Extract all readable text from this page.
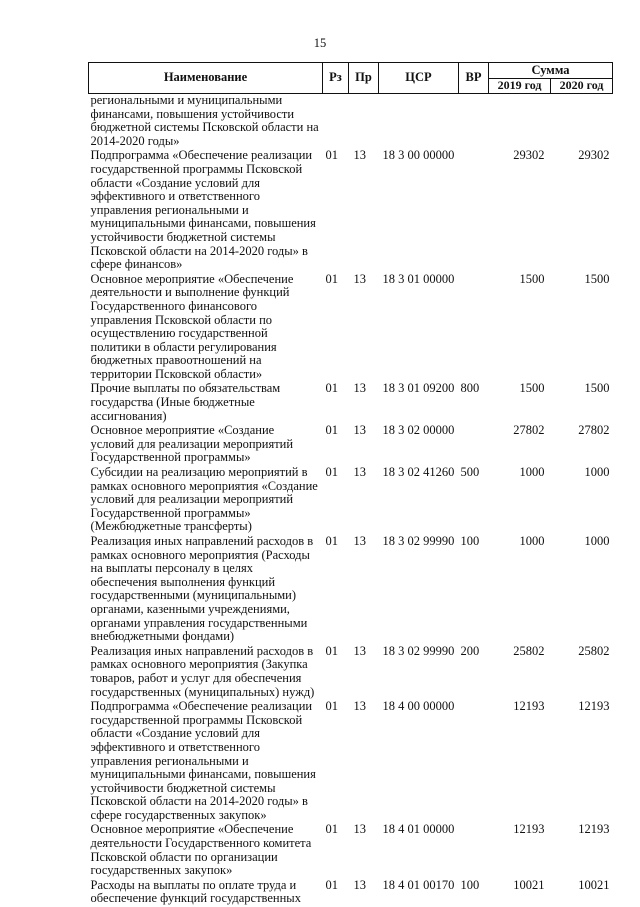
15
Наименование	Рз	Пр	ЦСР	ВР	Сумма	
					2019 год	2020 год
региональными и муниципальными финансами, повышения устойчивости бюджетной системы Псковской области на 2014-2020 годы»						
Подпрограмма «Обеспечение реализации государственной программы Псковской области «Создание условий для эффективного и ответственного управления региональными и муниципальными финансами, повышения устойчивости бюджетной системы Псковской области на 2014-2020 годы» в сфере финансов»	01	13	18 3 00 00000		29302	29302
Основное мероприятие «Обеспечение деятельности и выполнение функций Государственного финансового управления Псковской области по осуществлению государственной политики в области регулирования бюджетных правоотношений на территории Псковской области»	01	13	18 3 01 00000		1500	1500
Прочие выплаты по обязательствам государства (Иные бюджетные ассигнования)	01	13	18 3 01 09200	800	1500	1500
Основное мероприятие «Создание условий для реализации мероприятий Государственной программы»	01	13	18 3 02 00000		27802	27802
Субсидии на реализацию мероприятий в рамках основного мероприятия «Создание условий для реализации мероприятий Государственной программы» (Межбюджетные трансферты)	01	13	18 3 02 41260	500	1000	1000
Реализация иных направлений расходов в рамках основного мероприятия (Расходы на выплаты персоналу в целях обеспечения выполнения функций государственными (муниципальными) органами, казенными учреждениями, органами управления государственными внебюджетными фондами)	01	13	18 3 02 99990	100	1000	1000
Реализация иных направлений расходов в рамках основного мероприятия (Закупка товаров, работ и услуг для обеспечения государственных (муниципальных) нужд)	01	13	18 3 02 99990	200	25802	25802
Подпрограмма «Обеспечение реализации государственной программы Псковской области «Создание условий для эффективного и ответственного управления региональными и муниципальными финансами, повышения устойчивости бюджетной системы Псковской области на 2014-2020 годы» в сфере государственных закупок»	01	13	18 4 00 00000		12193	12193
Основное мероприятие «Обеспечение деятельности Государственного комитета Псковской области по организации государственных закупок»	01	13	18 4 01 00000		12193	12193
Расходы на выплаты по оплате труда и обеспечение функций государственных	01	13	18 4 01 00170	100	10021	10021
